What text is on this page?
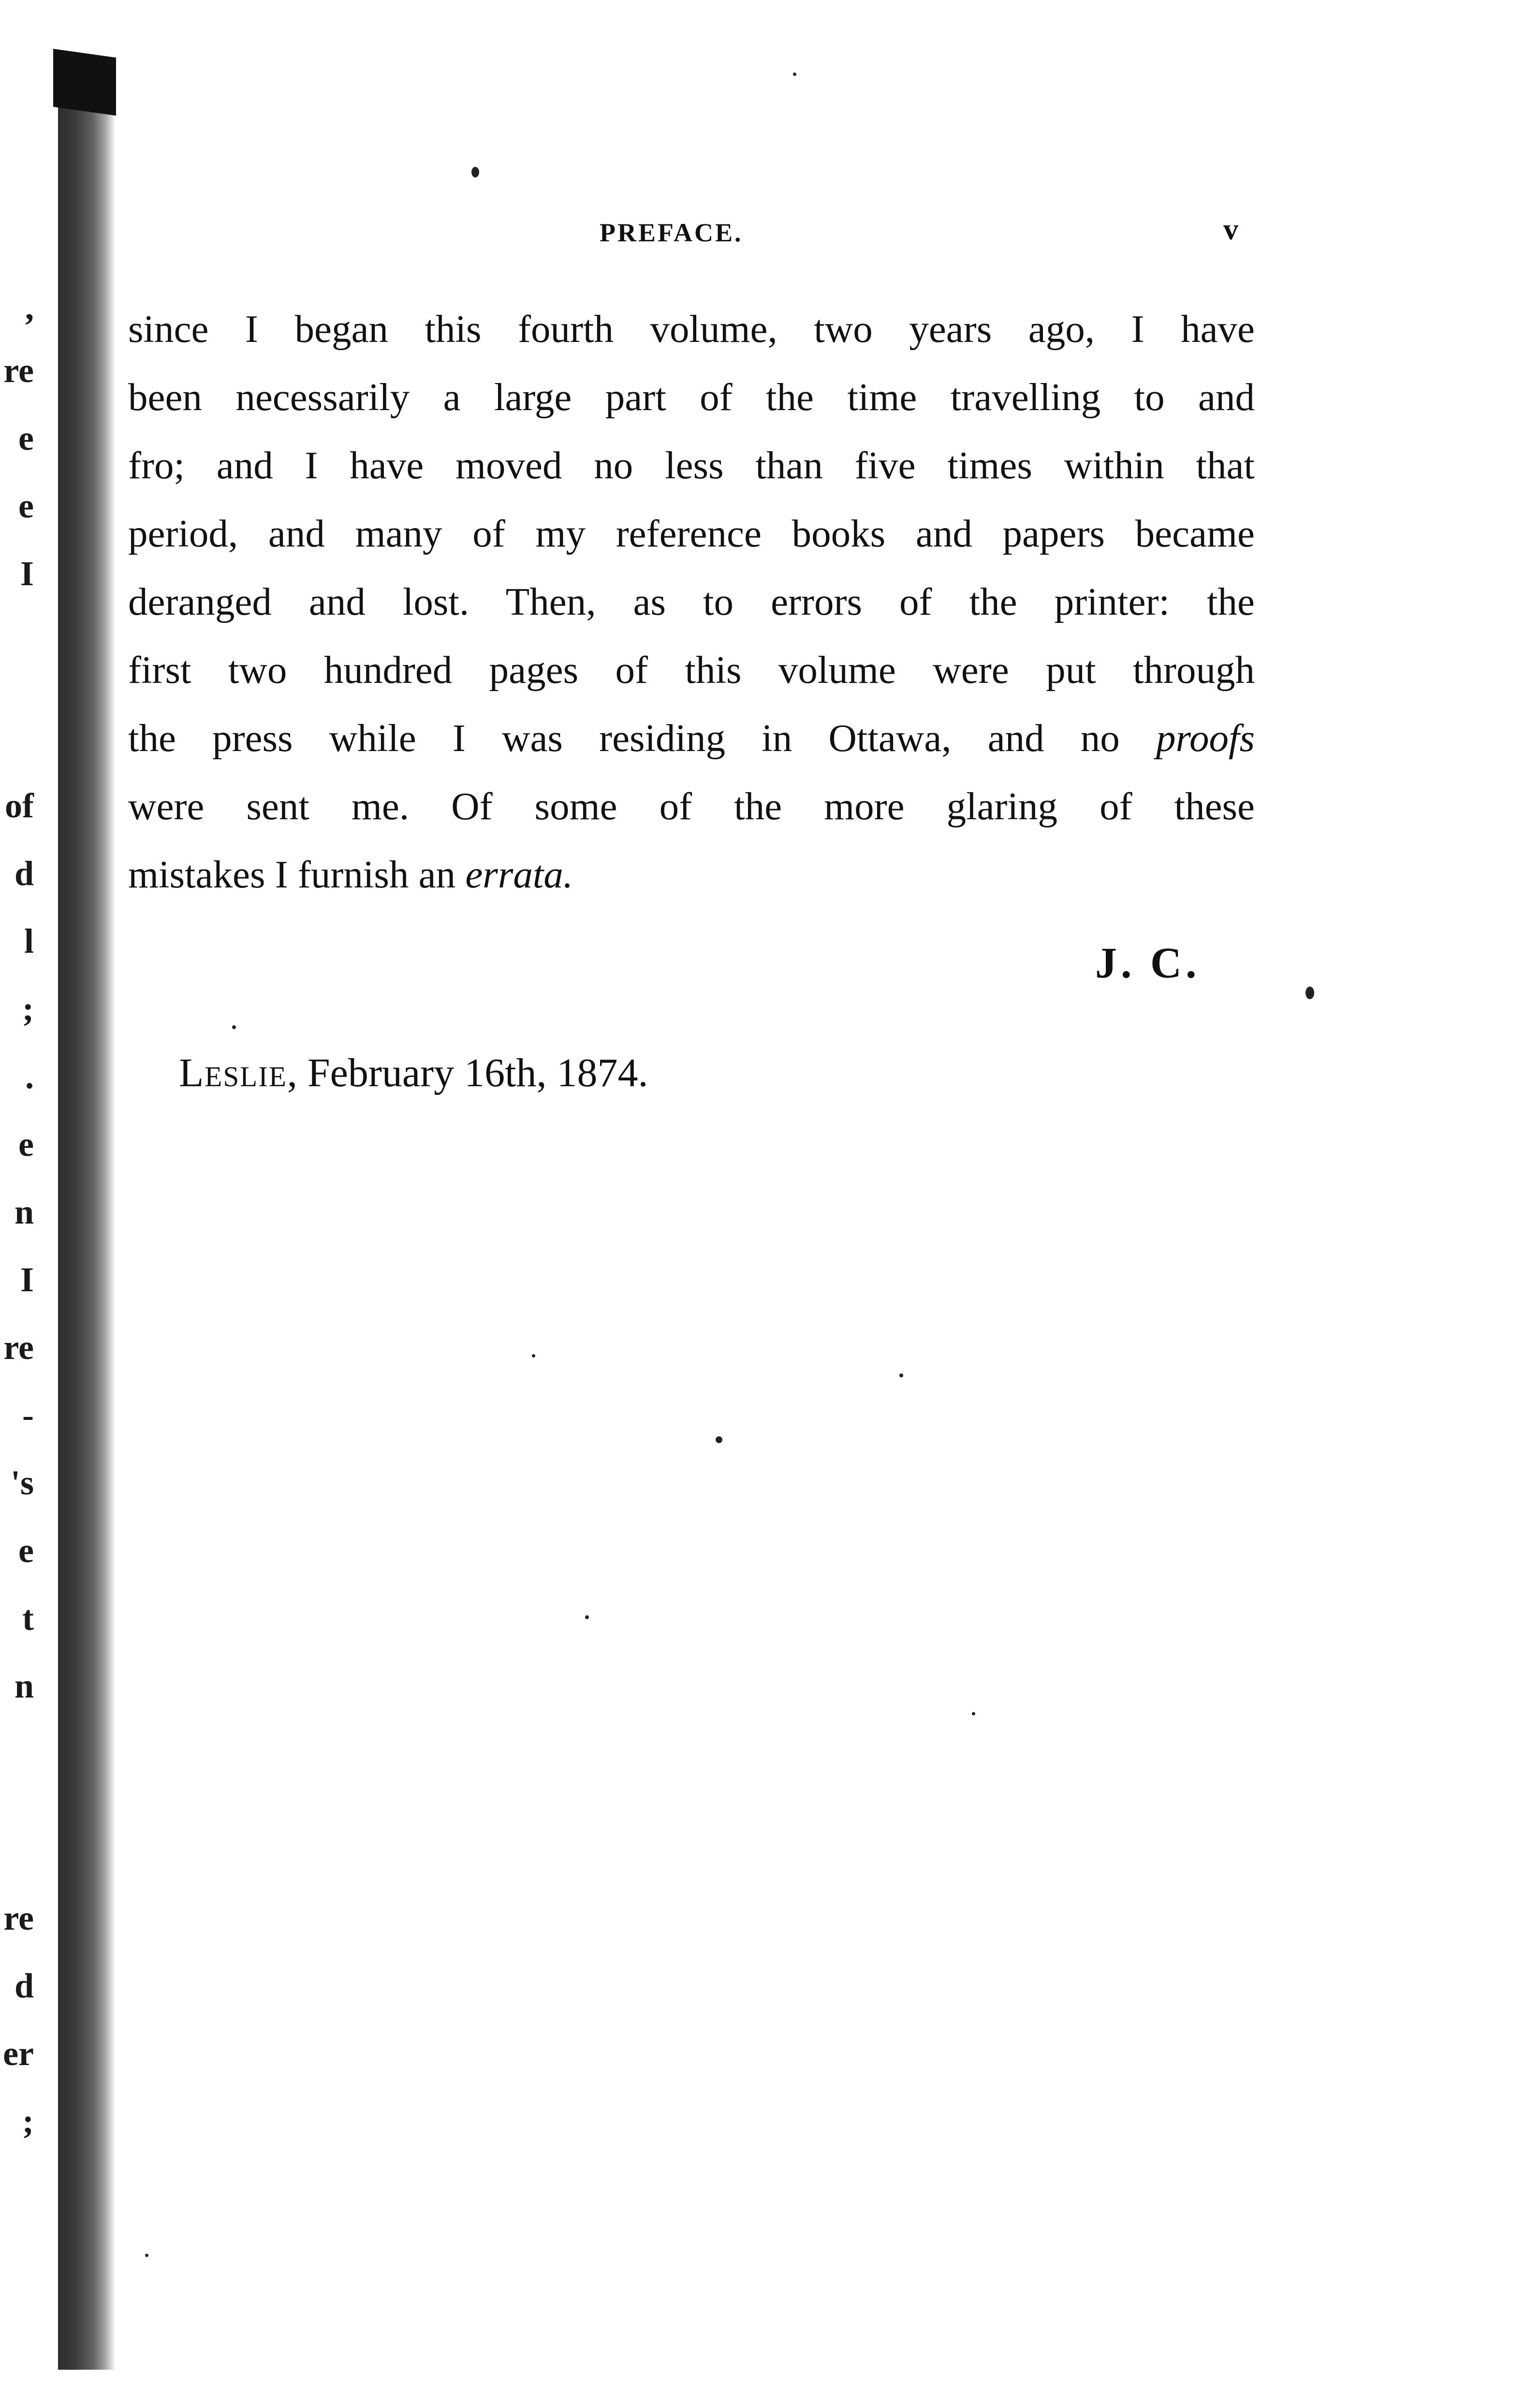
,
re
e
e
I
of
d
l
;
.
e
n
I
re
-
's
e
t
n
re
d
er
;
PREFACE.	v
since I began this fourth volume, two years ago, I have
been necessarily a large part of the time travelling to and
fro; and I have moved no less than five times within that
period, and many of my reference books and papers became
deranged and lost. Then, as to errors of the printer: the
first two hundred pages of this volume were put through
the press while I was residing in Ottawa, and no proofs
were sent me. Of some of the more glaring of these
mistakes I furnish an errata.
J. C.
Leslie, February 16th, 1874.
